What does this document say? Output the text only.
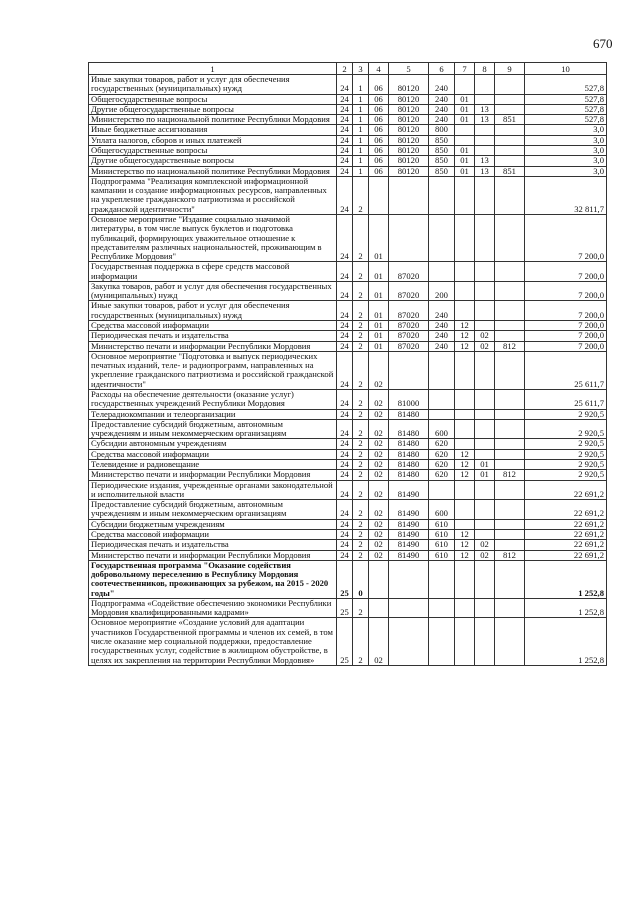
670
1	2	3	4	5	6	7	8	9	10
Иные закупки товаров, работ и услуг для обеспечения государственных (муниципальных) нужд	24	1	06	80120	240				527,8
Общегосударственные вопросы	24	1	06	80120	240	01			527,8
Другие общегосударственные вопросы	24	1	06	80120	240	01	13		527,8
Министерство по национальной политике Республики Мордовия	24	1	06	80120	240	01	13	851	527,8
Иные бюджетные ассигнования	24	1	06	80120	800				3,0
Уплата налогов, сборов и иных платежей	24	1	06	80120	850				3,0
Общегосударственные вопросы	24	1	06	80120	850	01			3,0
Другие общегосударственные вопросы	24	1	06	80120	850	01	13		3,0
Министерство по национальной политике Республики Мордовия	24	1	06	80120	850	01	13	851	3,0
Подпрограмма "Реализация комплексной информационной кампании и создание информационных ресурсов, направленных на укрепление гражданского патриотизма и российской гражданской идентичности"	24	2							32 811,7
Основное мероприятие "Издание социально значимой литературы, в том числе выпуск буклетов и подготовка публикаций, формирующих уважительное отношение к представителям различных национальностей, проживающим в Республике Мордовия"	24	2	01						7 200,0
Государственная поддержка в сфере средств массовой информации	24	2	01	87020					7 200,0
Закупка товаров, работ и услуг для обеспечения государственных (муниципальных) нужд	24	2	01	87020	200				7 200,0
Иные закупки товаров, работ и услуг для обеспечения государственных (муниципальных) нужд	24	2	01	87020	240				7 200,0
Средства массовой информации	24	2	01	87020	240	12			7 200,0
Периодическая печать и издательства	24	2	01	87020	240	12	02		7 200,0
Министерство печати и информации Республики Мордовия	24	2	01	87020	240	12	02	812	7 200,0
Основное мероприятие "Подготовка и выпуск периодических печатных изданий, теле- и радиопрограмм, направленных на укрепление гражданского патриотизма и российской гражданской идентичности"	24	2	02						25 611,7
Расходы на обеспечение деятельности (оказание услуг) государственных учреждений Республики Мордовия	24	2	02	81000					25 611,7
Телерадиокомпании и телеорганизации	24	2	02	81480					2 920,5
Предоставление субсидий бюджетным, автономным учреждениям и иным некоммерческим организациям	24	2	02	81480	600				2 920,5
Субсидии автономным учреждениям	24	2	02	81480	620				2 920,5
Средства массовой информации	24	2	02	81480	620	12			2 920,5
Телевидение и радиовещание	24	2	02	81480	620	12	01		2 920,5
Министерство печати и информации Республики Мордовия	24	2	02	81480	620	12	01	812	2 920,5
Периодические издания, учрежденные органами законодательной и исполнительной власти	24	2	02	81490					22 691,2
Предоставление субсидий бюджетным, автономным учреждениям и иным некоммерческим организациям	24	2	02	81490	600				22 691,2
Субсидии бюджетным учреждениям	24	2	02	81490	610				22 691,2
Средства массовой информации	24	2	02	81490	610	12			22 691,2
Периодическая печать и издательства	24	2	02	81490	610	12	02		22 691,2
Министерство печати и информации Республики Мордовия	24	2	02	81490	610	12	02	812	22 691,2
Государственная программа "Оказание содействия добровольному переселению в Республику Мордовия соотечественников, проживающих за рубежом, на 2015 - 2020 годы"	25	0							1 252,8
Подпрограмма «Содействие обеспечению экономики Республики Мордовия квалифицированными кадрами»	25	2							1 252,8
Основное мероприятие «Создание условий для адаптации участников Государственной программы и членов их семей, в том числе оказание мер социальной поддержки, предоставление государственных услуг, содействие в жилищном обустройстве, в целях их закрепления на территории Республики Мордовия»	25	2	02						1 252,8
